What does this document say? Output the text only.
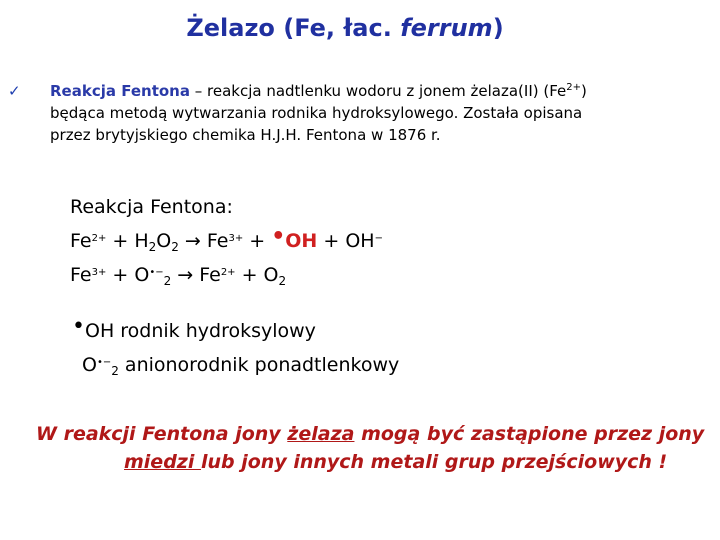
Żelazo (Fe, łac. ferrum)
✓ Reakcja Fentona – reakcja nadtlenku wodoru z jonem żelaza(II) $(Fe^{2+})$
będąca metodą wytwarzania rodnika hydroksylowego. Została opisana
przez brytyjskiego chemika H.J.H. Fentona w 1876 r.
Reakcja Fentona:
$Fe^{2+} + H_2O_2 \to Fe^{3+}$ + •OH + OH−
$Fe^{3+} + O^{•-}_2 \to Fe^{2+} + O_2$
•OH rodnik hydroksylowy
$O^{•-}_2$ anionorodnik ponadtlenkowy
W reakcji Fentona jony żelaza mogą być zastąpione przez jony
miedzi lub jony innych metali grup przejściowych !
